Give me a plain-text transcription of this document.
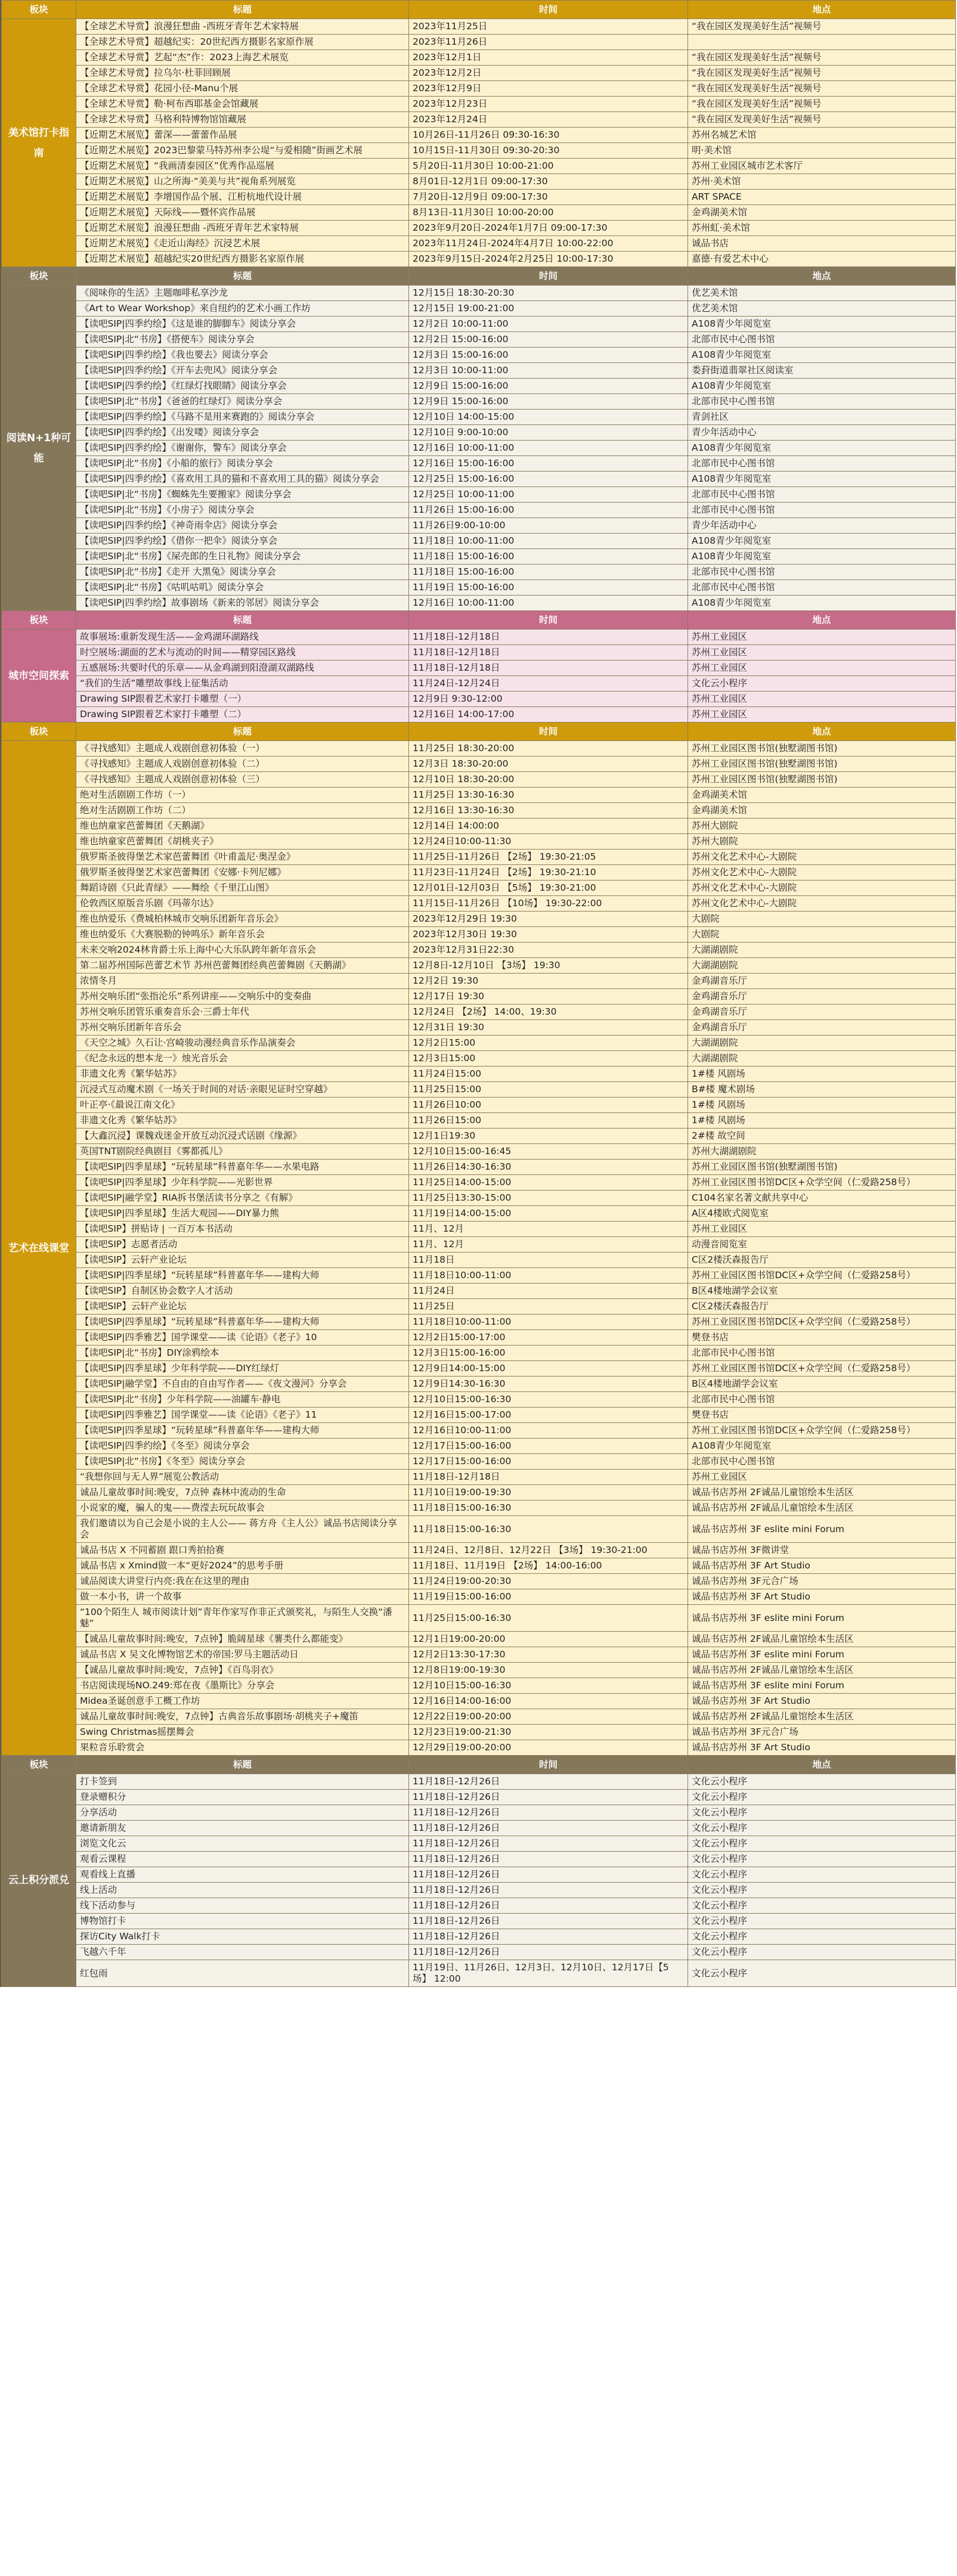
板块	标题	时间	地点
美术馆打卡指南	【全球艺术导赏】浪漫狂想曲 -西班牙青年艺术家特展	2023年11月25日	“我在园区发现美好生活”视频号
	【全球艺术导赏】超越纪实：20世纪西方摄影名家原作展	2023年11月26日	
	【全球艺术导赏】艺起“杰”作：2023上海艺术展览	2023年12月1日	“我在园区发现美好生活”视频号
	【全球艺术导赏】拉乌尔·杜菲回顾展	2023年12月2日	“我在园区发现美好生活”视频号
	【全球艺术导赏】花园小径-Manu个展	2023年12月9日	“我在园区发现美好生活”视频号
	【全球艺术导赏】勒·柯布西耶基金会馆藏展	2023年12月23日	“我在园区发现美好生活”视频号
	【全球艺术导赏】马格利特博物馆馆藏展	2023年12月24日	“我在园区发现美好生活”视频号
	【近期艺术展览】蕾深——蕾蕾作品展	10月26日-11月26日 09:30-16:30	苏州名城艺术馆
	【近期艺术展览】2023巴黎蒙马特苏州李公堤“与爱相随”街画艺术展	10月15日-11月30日 09:30-20:30	明·美术馆
	【近期艺术展览】“我画清泰园区”优秀作品巡展	5月20日-11月30日 10:00-21:00	苏州工业园区城市艺术客厅
	【近期艺术展览】山之所海·“美美与共”视角系列展览	8月01日-12月1日 09:00-17:30	苏州·美术馆
	【近期艺术展览】李增国作品个展、江桁杭地代设计展	7月20日-12月9日 09:00-17:30	ART SPACE
	【近期艺术展览】天际线——暨怀宾作品展	8月13日-11月30日 10:00-20:00	金鸡湖美术馆
	【近期艺术展览】浪漫狂想曲 -西班牙青年艺术家特展	2023年9月20日-2024年1月7日 09:00-17:30	苏州虹·美术馆
	【近期艺术展览】《走近山海经》沉浸艺术展	2023年11月24日-2024年4月7日 10:00-22:00	诚品书店
	【近期艺术展览】超越纪实20世纪西方摄影名家原作展	2023年9月15日-2024年2月25日 10:00-17:30	嘉德·有爱艺术中心
板块	标题	时间	地点
阅读N+1种可能	《阅味你的生活》主题咖啡私享沙龙	12月15日 18:30-20:30	优艺美术馆
	《Art to Wear Workshop》来自纽约的艺术小画工作坊	12月15日 19:00-21:00	优艺美术馆
	【读吧SIP|四季约绘】《这是谁的脚脚车》阅读分享会	12月2日 10:00-11:00	A108青少年阅览室
	【读吧SIP|北“书房】《搭便车》阅读分享会	12月2日 15:00-16:00	北部市民中心图书馆
	【读吧SIP|四季约绘】《我也要去》阅读分享会	12月3日 15:00-16:00	A108青少年阅览室
	【读吧SIP|四季约绘】《开车去兜风》阅读分享会	12月3日 10:00-11:00	娄葑街道翡翠社区阅读室
	【读吧SIP|四季约绘】《红绿灯找眼睛》阅读分享会	12月9日 15:00-16:00	A108青少年阅览室
	【读吧SIP|北“书房】《爸爸的红绿灯》阅读分享会	12月9日 15:00-16:00	北部市民中心图书馆
	【读吧SIP|四季约绘】《马路不是用来赛跑的》阅读分享会	12月10日 14:00-15:00	青剑社区
	【读吧SIP|四季约绘】《出发喽》阅读分享会	12月10日 9:00-10:00	青少年活动中心
	【读吧SIP|四季约绘】《谢谢你，警车》阅读分享会	12月16日 10:00-11:00	A108青少年阅览室
	【读吧SIP|北“书房】《小船的旅行》阅读分享会	12月16日 15:00-16:00	北部市民中心图书馆
	【读吧SIP|四季约绘】《喜欢用工具的猫和不喜欢用工具的猫》阅读分享会	12月25日 15:00-16:00	A108青少年阅览室
	【读吧SIP|北“书房】《蜘蛛先生要搬家》阅读分享会	12月25日 10:00-11:00	北部市民中心图书馆
	【读吧SIP|北“书房】《小房子》阅读分享会	11月26日 15:00-16:00	北部市民中心图书馆
	【读吧SIP|四季约绘】《神奇雨伞店》阅读分享会	11月26日9:00-10:00	青少年活动中心
	【读吧SIP|四季约绘】《借你一把伞》阅读分享会	11月18日 10:00-11:00	A108青少年阅览室
	【读吧SIP|北“书房】《屎壳郎的生日礼物》阅读分享会	11月18日 15:00-16:00	A108青少年阅览室
	【读吧SIP|北“书房】《走开 大黑兔》阅读分享会	11月18日 15:00-16:00	北部市民中心图书馆
	【读吧SIP|北“书房】《咕叽咕叽》阅读分享会	11月19日 15:00-16:00	北部市民中心图书馆
	【读吧SIP|四季约绘】故事剧场《新来的邻居》阅读分享会	12月16日 10:00-11:00	A108青少年阅览室
板块	标题	时间	地点
城市空间探索	故事展场:重新发现生活——金鸡湖环湖路线	11月18日-12月18日	苏州工业园区
	时空展场:湖面的艺术与流动的时间——精穿园区路线	11月18日-12月18日	苏州工业园区
	五感展场:共要时代的乐章——从金鸡湖到阳澄湖双湖路线	11月18日-12月18日	苏州工业园区
	“我们的生活”雕塑故事线上征集活动	11月24日-12月24日	文化云小程序
	Drawing SIP跟着艺术家打卡雕塑（一）	12月9日 9:30-12:00	苏州工业园区
	Drawing SIP跟着艺术家打卡雕塑（二）	12月16日 14:00-17:00	苏州工业园区
板块	标题	时间	地点
艺术在线课堂	《寻找感知》主题成人戏剧创意初体验（一）	11月25日 18:30-20:00	苏州工业园区图书馆(独墅湖图书馆)
	《寻找感知》主题成人戏剧创意初体验（二）	12月3日 18:30-20:00	苏州工业园区图书馆(独墅湖图书馆)
	《寻找感知》主题成人戏剧创意初体验（三）	12月10日 18:30-20:00	苏州工业园区图书馆(独墅湖图书馆)
	绝对生活剧剧工作坊（一）	11月25日 13:30-16:30	金鸡湖美术馆
	绝对生活剧剧工作坊（二）	12月16日 13:30-16:30	金鸡湖美术馆
	维也纳童家芭蕾舞团《天鹅湖》	12月14日 14:00:00	苏州大剧院
	维也纳童家芭蕾舞团《胡桃夹子》	12月24日10:00-11:30	苏州大剧院
	俄罗斯圣彼得堡艺术家芭蕾舞团《叶甫盖尼·奥涅金》	11月25日-11月26日 【2场】 19:30-21:05	苏州文化艺术中心-大剧院
	俄罗斯圣彼得堡艺术家芭蕾舞团《安娜·卡列尼娜》	11月23日-11月24日 【2场】 19:30-21:10	苏州文化艺术中心-大剧院
	舞蹈诗剧《只此青绿》——舞绘《千里江山图》	12月01日-12月03日 【5场】 19:30-21:00	苏州文化艺术中心-大剧院
	伦敦西区原版音乐剧《玛蒂尔达》	11月15日-11月26日 【10场】 19:30-22:00	苏州文化艺术中心-大剧院
	维也纳爱乐《费城柏林城市交响乐团新年音乐会》	2023年12月29日 19:30	大剧院
	维也纳爱乐《大赛脱勒的钟鸣乐》新年音乐会	2023年12月30日 19:30	大剧院
	未来交响2024林肯爵士乐上海中心大乐队跨年新年音乐会	2023年12月31日22:30	大湖湖剧院
	第二届苏州国际芭蕾艺术节 苏州芭蕾舞团经典芭蕾舞剧《天鹅湖》	12月8日-12月10日 【3场】 19:30	大湖湖剧院
	浓情冬月	12月2日 19:30	金鸡湖音乐厅
	苏州交响乐团“张指沦乐”系列讲座——交响乐中的变奏曲	12月17日 19:30	金鸡湖音乐厅
	苏州交响乐团管乐重奏音乐会·三爵士年代	12月24日 【2场】 14:00、19:30	金鸡湖音乐厅
	苏州交响乐团新年音乐会	12月31日 19:30	金鸡湖音乐厅
	《天空之城》久石让·宫崎骏动漫经典音乐作品演奏会	12月2日15:00	大湖湖剧院
	《纪念永远的想本龙一》烛光音乐会	12月3日15:00	大湖湖剧院
	非遗文化秀《繁华姑苏》	11月24日15:00	1#楼 风剧场
	沉浸式互动魔术剧《一场关于时间的对话·亲眼见证时空穿越》	11月25日15:00	B#楼 魔术剧场
	叶正亭·《最说江南文化》	11月26日10:00	1#楼 风剧场
	非遗文化秀《繁华姑苏》	11月26日15:00	1#楼 风剧场
	【大鑫沉浸】课魏戏迷金开放互动沉浸式话剧《缘源》	12月1日19:30	2#楼 故空间
	英国TNT剧院经典剧目《雾都孤儿》	12月10日15:00-16:45	苏州大湖湖剧院
	【读吧SIP|四季星球】“玩转星球”科普嘉年华——水果电路	11月26日14:30-16:30	苏州工业园区图书馆(独墅湖图书馆)
	【读吧SIP|四季星球】少年科学院——光影世界	11月25日14:00-15:00	苏州工业园区图书馆DC区+众学空间（仁爱路258号）
	【读吧SIP|融学堂】RIA拆书堡活读书分享之《有解》	11月25日13:30-15:00	C104名家名著文献共享中心
	【读吧SIP|四季星球】生活大观园——DIY暴力熊	11月19日14:00-15:00	A区4楼欧式阅览室
	【读吧SIP】拼贴诗 | 一百万本书活动	11月、12月	苏州工业园区
	【读吧SIP】志愿者活动	11月、12月	动漫音阅览室
	【读吧SIP】云轩产业论坛	11月18日	C区2楼沃森报告厅
	【读吧SIP|四季星球】“玩转星球”科普嘉年华——建构大师	11月18日10:00-11:00	苏州工业园区图书馆DC区+众学空间（仁爱路258号）
	【读吧SIP】自制区协会数字人才活动	11月24日	B区4楼地湖学会议室
	【读吧SIP】云轩产业论坛	11月25日	C区2楼沃森报告厅
	【读吧SIP|四季星球】“玩转星球”科普嘉年华——建构大师	11月18日10:00-11:00	苏州工业园区图书馆DC区+众学空间（仁爱路258号）
	【读吧SIP|四季雅艺】国学课堂——读《论语》《老子》10	12月2日15:00-17:00	樊登书店
	【读吧SIP|北“书房】DIY涂鸦绘本	12月3日15:00-16:00	北部市民中心图书馆
	【读吧SIP|四季星球】少年科学院——DIY红绿灯	12月9日14:00-15:00	苏州工业园区图书馆DC区+众学空间（仁爱路258号）
	【读吧SIP|融学堂】不自由的自由写作者——《夜文漫河》分享会	12月9日14:30-16:30	B区4楼地湖学会议室
	【读吧SIP|北“书房】少年科学院——油罐车·静电	12月10日15:00-16:30	北部市民中心图书馆
	【读吧SIP|四季雅艺】国学课堂——读《论语》《老子》11	12月16日15:00-17:00	樊登书店
	【读吧SIP|四季星球】“玩转星球”科普嘉年华——建构大师	12月16日10:00-11:00	苏州工业园区图书馆DC区+众学空间（仁爱路258号）
	【读吧SIP|四季约绘】《冬至》阅读分享会	12月17日15:00-16:00	A108青少年阅览室
	【读吧SIP|北“书房】《冬至》阅读分享会	12月17日15:00-16:00	北部市民中心图书馆
	“我想你回与无人界”展览公教活动	11月18日-12月18日	苏州工业园区
	诚品儿童故事时间:晚安，7点钟 森林中流动的生命	11月10日19:00-19:30	诚品书店苏州 2F诚品儿童馆绘本生活区
	小说家的魔，骗人的鬼——费滢去玩玩故事会	11月18日15:00-16:30	诚品书店苏州 2F诚品儿童馆绘本生活区
	我们邀请以为自己会是小说的主人公—— 蒋方舟《主人公》诚品书店阅读分享会	11月18日15:00-16:30	诚品书店苏州 3F eslite mini Forum
	诚品书店 X 不同蓄剧 跟口秀拍拾赛	11月24日、12月8日、12月22日 【3场】 19:30-21:00	诚品书店苏州 3F微讲堂
	诚品书店 x Xmind做一本“更好2024”的思考手册	11月18日、11月19日 【2场】 14:00-16:00	诚品书店苏州 3F Art Studio
	诚品阅读大讲堂行内亮:我在在这里的理由	11月24日19:00-20:30	诚品书店苏州 3F元合广场
	做一本小书，讲一个故事	11月19日15:00-16:00	诚品书店苏州 3F Art Studio
	“100个陌生人 城市阅读计划”青年作家写作非正式颁奖礼，与陌生人交换“潘魅”	11月25日15:00-16:30	诚品书店苏州 3F eslite mini Forum
	【诚品儿童故事时间:晚安，7点钟】脆阔星球《薯类什么都能变》	12月1日19:00-20:00	诚品书店苏州 2F诚品儿童馆绘本生活区
	诚品书店 X 吴文化博物馆艺术的帝国:罗马主题活动日	12月2日13:30-17:30	诚品书店苏州 3F eslite mini Forum
	【诚品儿童故事时间:晚安，7点钟】《百鸟羽衣》	12月8日19:00-19:30	诚品书店苏州 2F诚品儿童馆绘本生活区
	书店阅读现场NO.249:郑在夜《墨斯比》分享会	12月10日15:00-16:30	诚品书店苏州 3F eslite mini Forum
	Midea圣诞创意手工概工作坊	12月16日14:00-16:00	诚品书店苏州 3F Art Studio
	诚品儿童故事时间:晚安，7点钟】古典音乐故事剧场·胡桃夹子+魔笛	12月22日19:00-20:00	诚品书店苏州 2F诚品儿童馆绘本生活区
	Swing Christmas摇摆舞会	12月23日19:00-21:30	诚品书店苏州 3F元合广场
	果粒音乐聆赏会	12月29日19:00-20:00	诚品书店苏州 3F Art Studio
板块	标题	时间	地点
云上积分派兑	打卡签到	11月18日-12月26日	文化云小程序
	登录赠积分	11月18日-12月26日	文化云小程序
	分享活动	11月18日-12月26日	文化云小程序
	邀请新朋友	11月18日-12月26日	文化云小程序
	浏览文化云	11月18日-12月26日	文化云小程序
	观看云课程	11月18日-12月26日	文化云小程序
	观看线上直播	11月18日-12月26日	文化云小程序
	线上活动	11月18日-12月26日	文化云小程序
	线下活动参与	11月18日-12月26日	文化云小程序
	博物馆打卡	11月18日-12月26日	文化云小程序
	探访City Walk打卡	11月18日-12月26日	文化云小程序
	飞越六千年	11月18日-12月26日	文化云小程序
	红包雨	11月19日、11月26日、12月3日、12月10日、12月17日【5场】 12:00	文化云小程序
